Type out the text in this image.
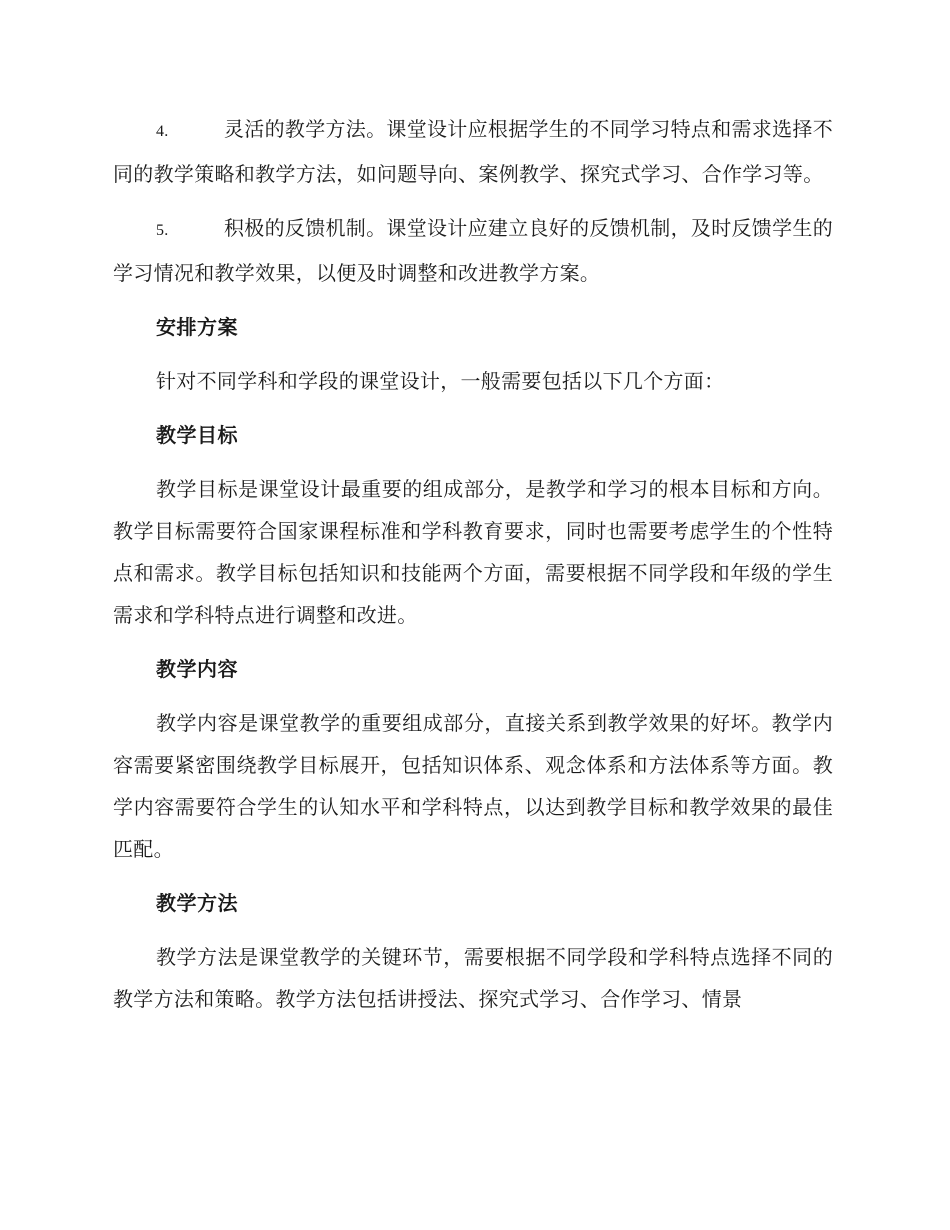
4.	灵活的教学方法。课堂设计应根据学生的不同学习特点和需求选择不同的教学策略和教学方法，如问题导向、案例教学、探究式学习、合作学习等。

5.	积极的反馈机制。课堂设计应建立良好的反馈机制，及时反馈学生的学习情况和教学效果，以便及时调整和改进教学方案。

安排方案

针对不同学科和学段的课堂设计，一般需要包括以下几个方面：

教学目标

教学目标是课堂设计最重要的组成部分，是教学和学习的根本目标和方向。教学目标需要符合国家课程标准和学科教育要求，同时也需要考虑学生的个性特点和需求。教学目标包括知识和技能两个方面，需要根据不同学段和年级的学生需求和学科特点进行调整和改进。

教学内容

教学内容是课堂教学的重要组成部分，直接关系到教学效果的好坏。教学内容需要紧密围绕教学目标展开，包括知识体系、观念体系和方法体系等方面。教学内容需要符合学生的认知水平和学科特点，以达到教学目标和教学效果的最佳匹配。

教学方法

教学方法是课堂教学的关键环节，需要根据不同学段和学科特点选择不同的教学方法和策略。教学方法包括讲授法、探究式学习、合作学习、情景
